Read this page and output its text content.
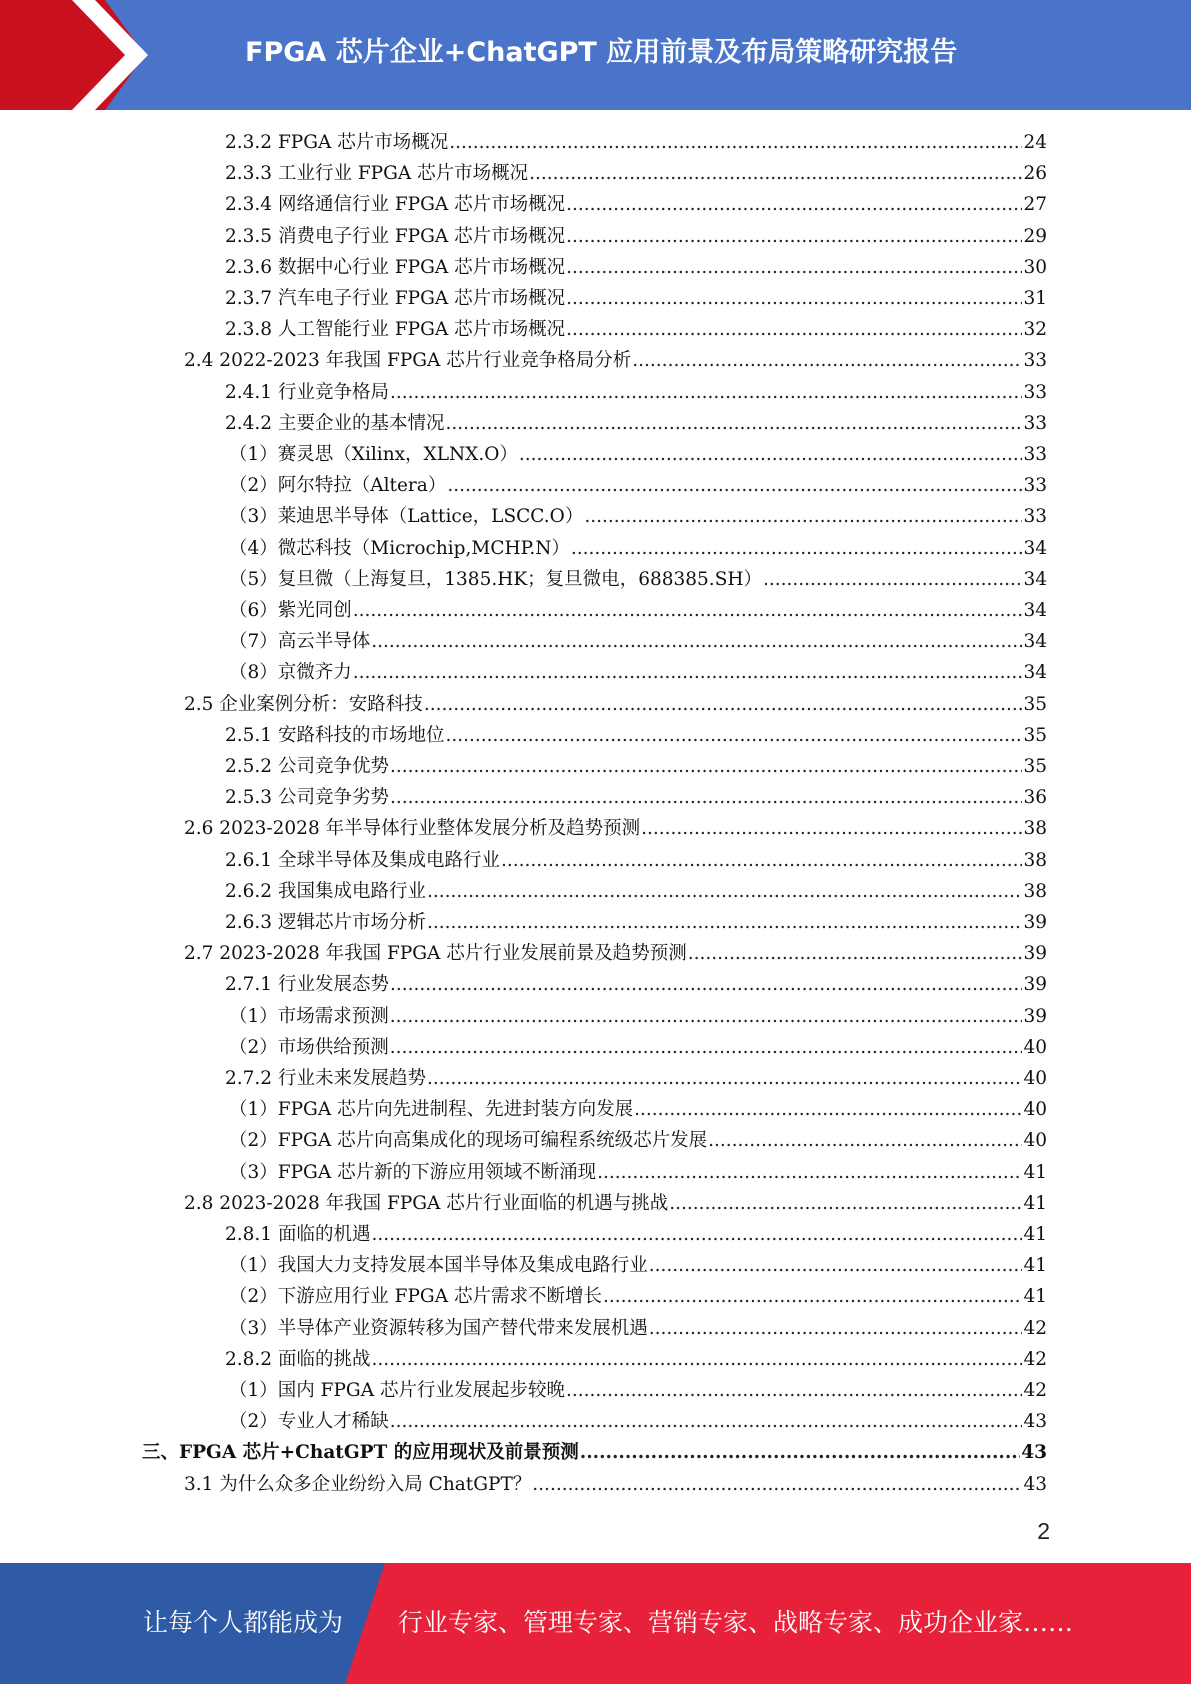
FPGA 芯片企业+ChatGPT 应用前景及布局策略研究报告
2.3.2 FPGA 芯片市场概况 .....	24
2.3.3 工业行业 FPGA 芯片市场概况 .....	26
2.3.4 网络通信行业 FPGA 芯片市场概况 .....	27
2.3.5 消费电子行业 FPGA 芯片市场概况 .....	29
2.3.6 数据中心行业 FPGA 芯片市场概况 .....	30
2.3.7 汽车电子行业 FPGA 芯片市场概况 .....	31
2.3.8 人工智能行业 FPGA 芯片市场概况 .....	32
2.4 2022-2023 年我国 FPGA 芯片行业竞争格局分析 .....	33
2.4.1 行业竞争格局 .....	33
2.4.2 主要企业的基本情况 .....	33
（1）赛灵思（Xilinx，XLNX.O） .....	33
（2）阿尔特拉（Altera） .....	33
（3）莱迪思半导体（Lattice，LSCC.O） .....	33
（4）微芯科技（Microchip,MCHP.N） .....	34
（5）复旦微（上海复旦，1385.HK；复旦微电，688385.SH） .....	34
（6）紫光同创 .....	34
（7）高云半导体 .....	34
（8）京微齐力 .....	34
2.5 企业案例分析：安路科技 .....	35
2.5.1 安路科技的市场地位 .....	35
2.5.2 公司竞争优势 .....	35
2.5.3 公司竞争劣势 .....	36
2.6 2023-2028 年半导体行业整体发展分析及趋势预测 .....	38
2.6.1 全球半导体及集成电路行业 .....	38
2.6.2 我国集成电路行业 .....	38
2.6.3 逻辑芯片市场分析 .....	39
2.7 2023-2028 年我国 FPGA 芯片行业发展前景及趋势预测 .....	39
2.7.1 行业发展态势 .....	39
（1）市场需求预测 .....	39
（2）市场供给预测 .....	40
2.7.2 行业未来发展趋势 .....	40
（1）FPGA 芯片向先进制程、先进封装方向发展 .....	40
（2）FPGA 芯片向高集成化的现场可编程系统级芯片发展 .....	40
（3）FPGA 芯片新的下游应用领域不断涌现 .....	41
2.8 2023-2028 年我国 FPGA 芯片行业面临的机遇与挑战 .....	41
2.8.1 面临的机遇 .....	41
（1）我国大力支持发展本国半导体及集成电路行业 .....	41
（2）下游应用行业 FPGA 芯片需求不断增长 .....	41
（3）半导体产业资源转移为国产替代带来发展机遇 .....	42
2.8.2 面临的挑战 .....	42
（1）国内 FPGA 芯片行业发展起步较晚 .....	42
（2）专业人才稀缺 .....	43
三、FPGA 芯片+ChatGPT 的应用现状及前景预测 .....	43
3.1 为什么众多企业纷纷入局 ChatGPT？ .....	43
2
让每个人都能成为 行业专家、管理专家、营销专家、战略专家、成功企业家……
